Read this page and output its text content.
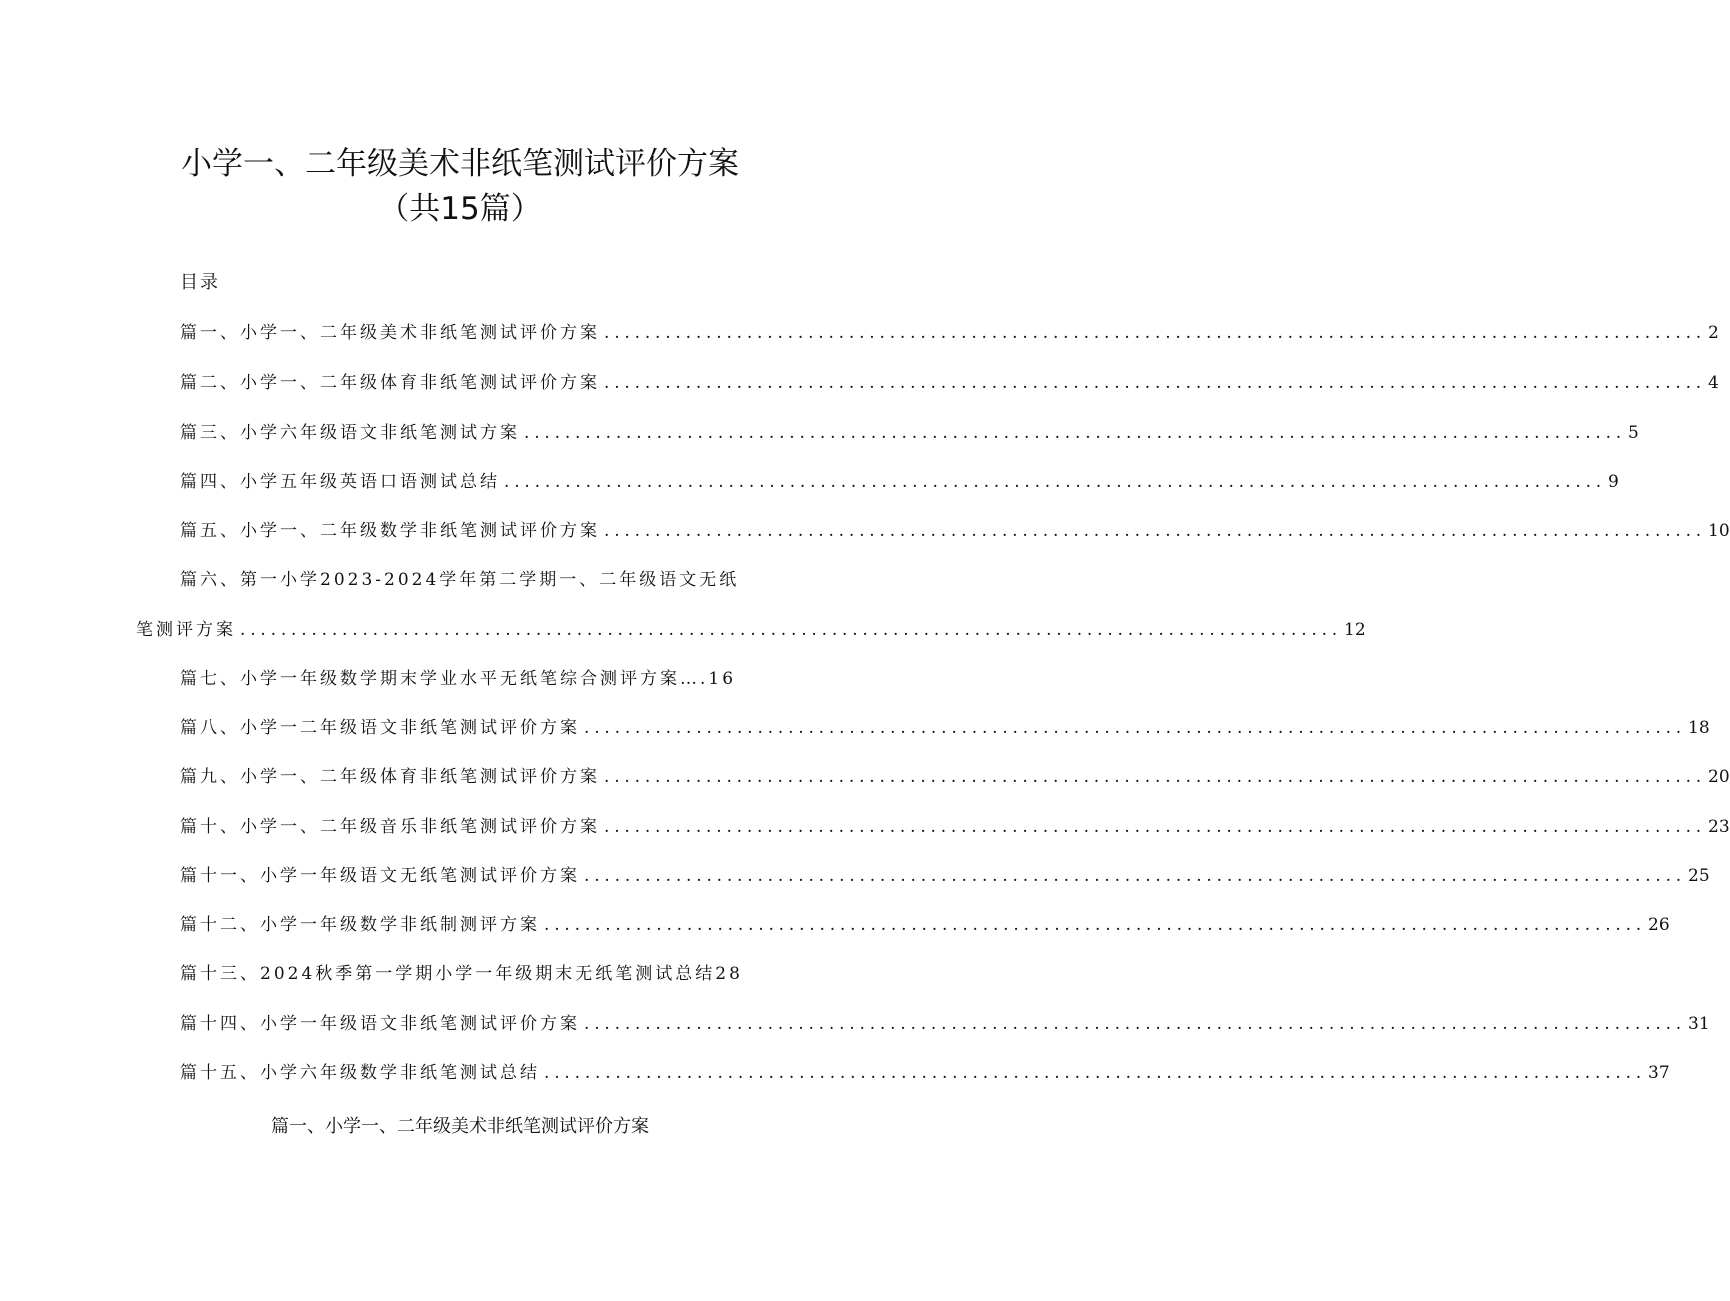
小学一、二年级美术非纸笔测试评价方案
（共15篇）
目录
篇一、小学一、二年级美术非纸笔测试评价方案 ............................................................................................................ 2
篇二、小学一、二年级体育非纸笔测试评价方案 ............................................................................................................ 4
篇三、小学六年级语文非纸笔测试方案 ............................................................................................................ 5
篇四、小学五年级英语口语测试总结 ............................................................................................................ 9
篇五、小学一、二年级数学非纸笔测试评价方案 ............................................................................................................ 10
篇六、第一小学2023-2024学年第二学期一、二年级语文无纸
笔测评方案 ............................................................................................................ 12
篇七、小学一年级数学期末学业水平无纸笔综合测评方案….16
篇八、小学一二年级语文非纸笔测试评价方案 ............................................................................................................ 18
篇九、小学一、二年级体育非纸笔测试评价方案 ............................................................................................................ 20
篇十、小学一、二年级音乐非纸笔测试评价方案 ............................................................................................................ 23
篇十一、小学一年级语文无纸笔测试评价方案 ............................................................................................................ 25
篇十二、小学一年级数学非纸制测评方案 ............................................................................................................ 26
篇十三、2024秋季第一学期小学一年级期末无纸笔测试总结28
篇十四、小学一年级语文非纸笔测试评价方案 ............................................................................................................ 31
篇十五、小学六年级数学非纸笔测试总结 ............................................................................................................ 37
篇一、小学一、二年级美术非纸笔测试评价方案
